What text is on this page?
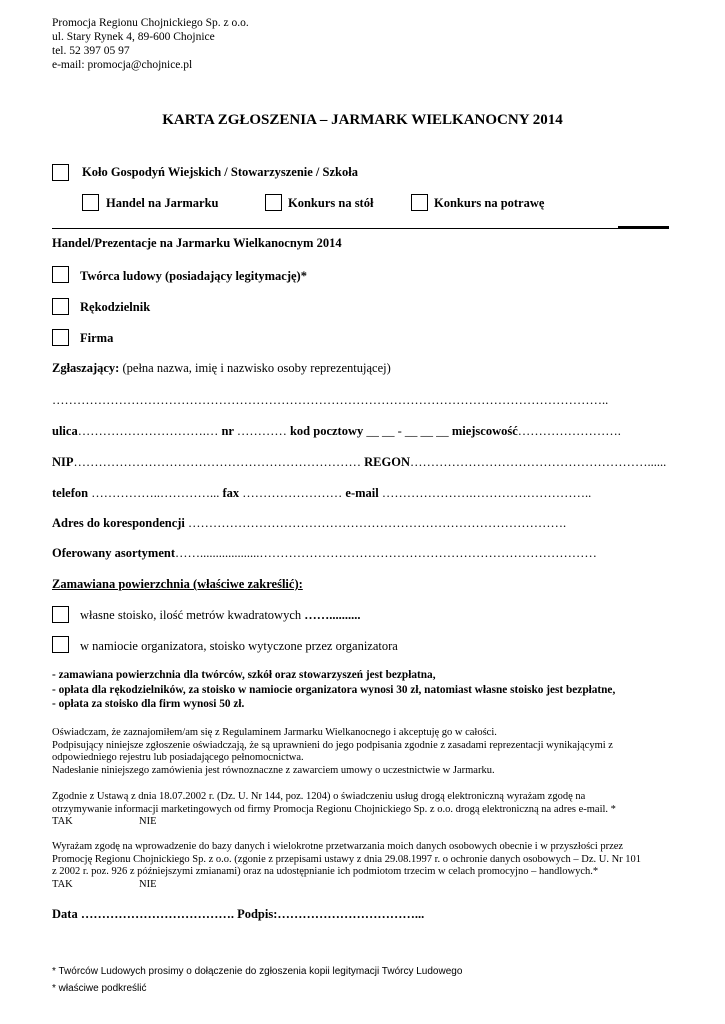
Promocja Regionu Chojnickiego Sp. z o.o.
ul. Stary Rynek 4, 89-600 Chojnice
tel. 52 397 05 97
e-mail: promocja@chojnice.pl
KARTA ZGŁOSZENIA – JARMARK WIELKANOCNY 2014
Koło Gospodyń Wiejskich / Stowarzyszenie / Szkoła
Handel na Jarmarku	Konkurs na stół	Konkurs na potrawę
Handel/Prezentacje na Jarmarku Wielkanocnym 2014
Twórca ludowy (posiadający legitymację)*
Rękodzielnik
Firma
Zgłaszający: (pełna nazwa, imię i nazwisko osoby reprezentującej)
……………………………………………………………………………………………………………………..
ulica………………………….… nr ………… kod pocztowy __ __ - __ __ __ miejscowość…………………….
NIP…………………………………………………………… REGON…………………………………………………......
telefon ……………..…………... fax …………………… e-mail ………………….………………………..
Adres do korespondencji ……………………………………………………………………………….
Oferowany asortyment……...................………………………………………………………………………
Zamawiana powierzchnia (właściwe zakreślić):
własne stoisko, ilość metrów kwadratowych ……..........
w namiocie organizatora, stoisko wytyczone przez organizatora
- zamawiana powierzchnia dla twórców, szkół oraz stowarzyszeń jest bezpłatna,
- opłata dla rękodzielników, za stoisko w namiocie organizatora wynosi 30 zł, natomiast własne stoisko jest bezpłatne,
- opłata za stoisko dla firm wynosi 50 zł.
Oświadczam, że zaznajomiłem/am się z Regulaminem Jarmarku Wielkanocnego i akceptuję go w całości.
Podpisujący niniejsze zgłoszenie oświadczają, że są uprawnieni do jego podpisania zgodnie z zasadami reprezentacji wynikającymi z
odpowiedniego rejestru lub posiadającego pełnomocnictwa.
Nadesłanie niniejszego zamówienia jest równoznaczne z zawarciem umowy o uczestnictwie w Jarmarku.
Zgodnie z Ustawą z dnia 18.07.2002 r. (Dz. U. Nr 144, poz. 1204) o świadczeniu usług drogą elektroniczną wyrażam zgodę na
otrzymywanie informacji marketingowych od firmy Promocja Regionu Chojnickiego Sp. z o.o. drogą elektroniczną na adres e-mail. *
TAK	NIE
Wyrażam zgodę na wprowadzenie do bazy danych i wielokrotne przetwarzania moich danych osobowych obecnie i w przyszłości przez
Promocję Regionu Chojnickiego Sp. z o.o. (zgonie z przepisami ustawy z dnia 29.08.1997 r. o ochronie danych osobowych – Dz. U. Nr 101
z 2002 r. poz. 926 z późniejszymi zmianami) oraz na udostępnianie ich podmiotom trzecim w celach promocyjno – handlowych.*
TAK	NIE
Data ………………………………. Podpis:……………………………...
* Twórców Ludowych prosimy o dołączenie do zgłoszenia kopii legitymacji Twórcy Ludowego
* właściwe podkreślić
